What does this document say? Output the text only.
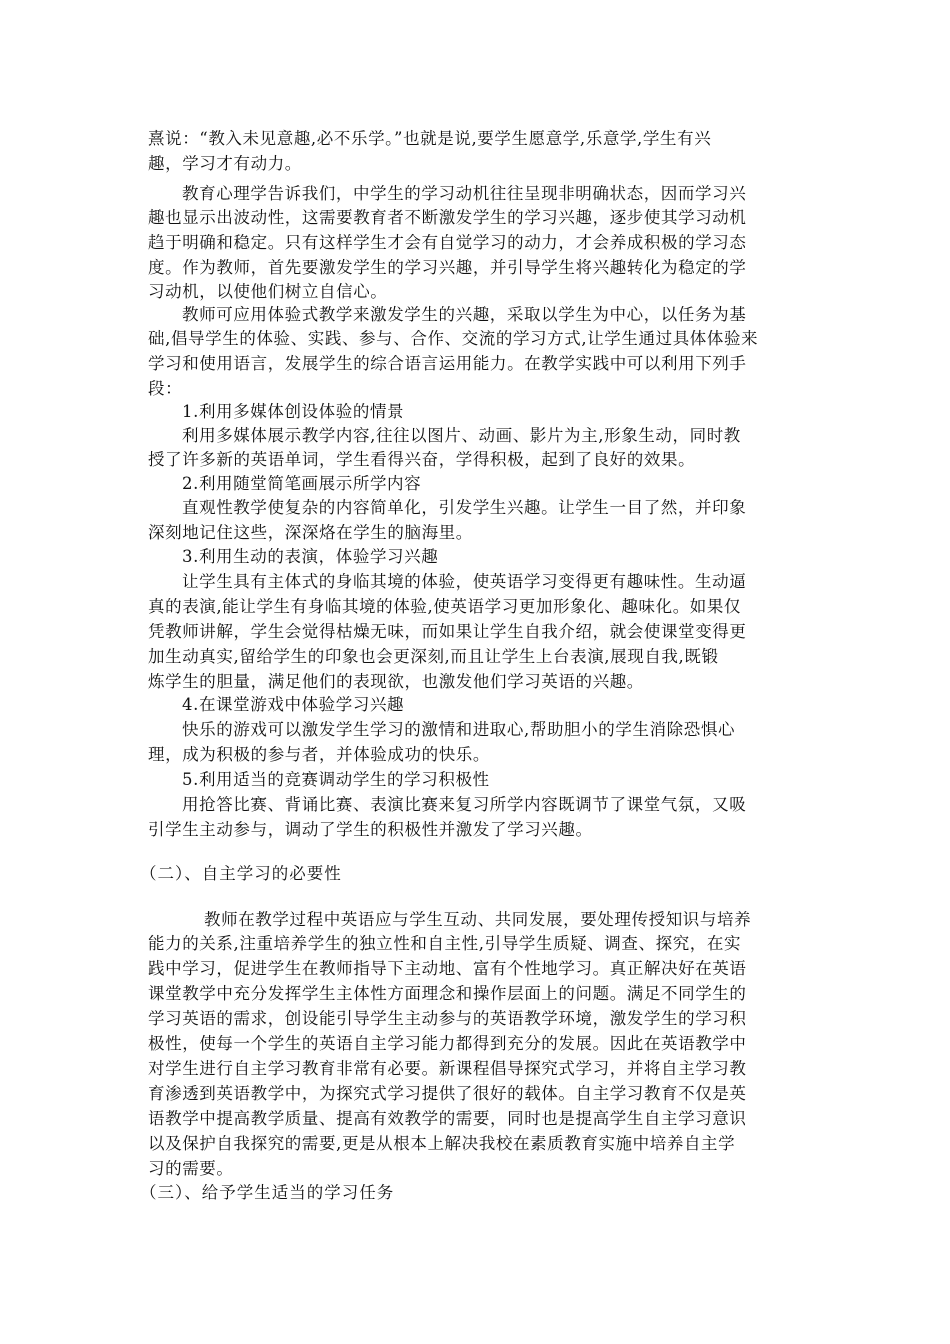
熹说：“教入未见意趣,必不乐学。”也就是说,要学生愿意学,乐意学,学生有兴
趣，学习才有动力。
教育心理学告诉我们，中学生的学习动机往往呈现非明确状态，因而学习兴
趣也显示出波动性，这需要教育者不断激发学生的学习兴趣，逐步使其学习动机
趋于明确和稳定。只有这样学生才会有自觉学习的动力，才会养成积极的学习态
度。作为教师，首先要激发学生的学习兴趣，并引导学生将兴趣转化为稳定的学
习动机，以使他们树立自信心。
教师可应用体验式教学来激发学生的兴趣，采取以学生为中心，以任务为基
础,倡导学生的体验、实践、参与、合作、交流的学习方式,让学生通过具体体验来
学习和使用语言，发展学生的综合语言运用能力。在教学实践中可以利用下列手
段：
1.利用多媒体创设体验的情景
利用多媒体展示教学内容,往往以图片、动画、影片为主,形象生动，同时教
授了许多新的英语单词，学生看得兴奋，学得积极，起到了良好的效果。
2.利用随堂简笔画展示所学内容
直观性教学使复杂的内容简单化，引发学生兴趣。让学生一目了然，并印象
深刻地记住这些，深深烙在学生的脑海里。
3.利用生动的表演，体验学习兴趣
让学生具有主体式的身临其境的体验，使英语学习变得更有趣味性。生动逼
真的表演,能让学生有身临其境的体验,使英语学习更加形象化、趣味化。如果仅
凭教师讲解，学生会觉得枯燥无味，而如果让学生自我介绍，就会使课堂变得更
加生动真实,留给学生的印象也会更深刻,而且让学生上台表演,展现自我,既锻
炼学生的胆量，满足他们的表现欲，也激发他们学习英语的兴趣。
4.在课堂游戏中体验学习兴趣
快乐的游戏可以激发学生学习的激情和进取心,帮助胆小的学生消除恐惧心
理，成为积极的参与者，并体验成功的快乐。
5.利用适当的竞赛调动学生的学习积极性
用抢答比赛、背诵比赛、表演比赛来复习所学内容既调节了课堂气氛，又吸
引学生主动参与，调动了学生的积极性并激发了学习兴趣。
（二）、自主学习的必要性
教师在教学过程中英语应与学生互动、共同发展，要处理传授知识与培养
能力的关系,注重培养学生的独立性和自主性,引导学生质疑、调查、探究，在实
践中学习，促进学生在教师指导下主动地、富有个性地学习。真正解决好在英语
课堂教学中充分发挥学生主体性方面理念和操作层面上的问题。满足不同学生的
学习英语的需求，创设能引导学生主动参与的英语教学环境，激发学生的学习积
极性，使每一个学生的英语自主学习能力都得到充分的发展。因此在英语教学中
对学生进行自主学习教育非常有必要。新课程倡导探究式学习，并将自主学习教
育渗透到英语教学中，为探究式学习提供了很好的载体。自主学习教育不仅是英
语教学中提高教学质量、提高有效教学的需要，同时也是提高学生自主学习意识
以及保护自我探究的需要,更是从根本上解决我校在素质教育实施中培养自主学
习的需要。
（三）、给予学生适当的学习任务
